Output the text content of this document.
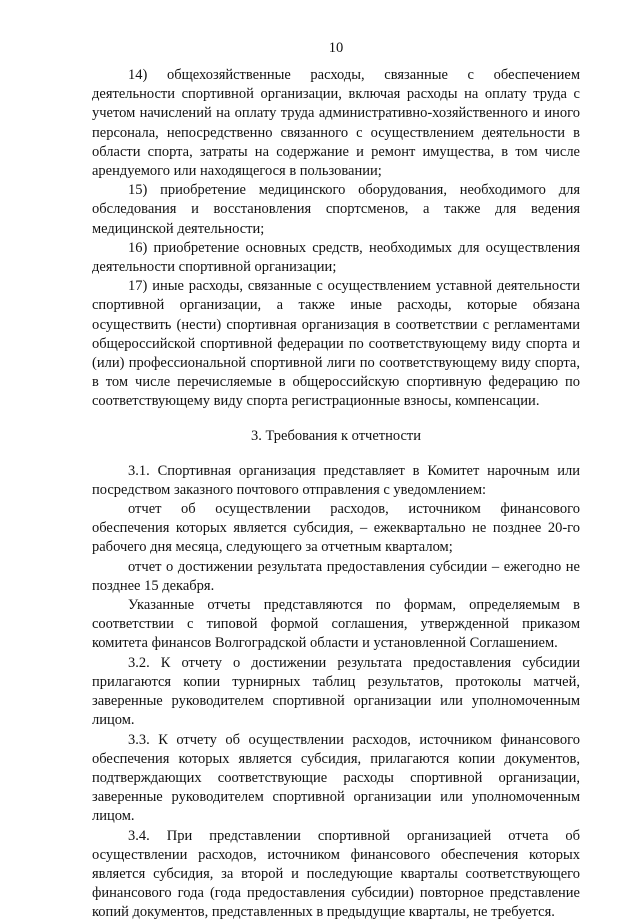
10

14) общехозяйственные расходы, связанные с обеспечением деятельности спортивной организации, включая расходы на оплату труда с учетом начислений на оплату труда административно-хозяйственного и иного персонала, непосредственно связанного с осуществлением деятельности в области спорта, затраты на содержание и ремонт имущества, в том числе арендуемого или находящегося в пользовании;

15) приобретение медицинского оборудования, необходимого для обследования и восстановления спортсменов, а также для ведения медицинской деятельности;

16) приобретение основных средств, необходимых для осуществления деятельности спортивной организации;

17) иные расходы, связанные с осуществлением уставной деятельности спортивной организации, а также иные расходы, которые обязана осуществить (нести) спортивная организация в соответствии с регламентами общероссийской спортивной федерации по соответствующему виду спорта и (или) профессиональной спортивной лиги по соответствующему виду спорта, в том числе перечисляемые в общероссийскую спортивную федерацию по соответствующему виду спорта регистрационные взносы, компенсации.

3. Требования к отчетности

3.1. Спортивная организация представляет в Комитет нарочным или посредством заказного почтового отправления с уведомлением:

отчет об осуществлении расходов, источником финансового обеспечения которых является субсидия, – ежеквартально не позднее 20-го рабочего дня месяца, следующего за отчетным кварталом;

отчет о достижении результата предоставления субсидии – ежегодно не позднее 15 декабря.

Указанные отчеты представляются по формам, определяемым в соответствии с типовой формой соглашения, утвержденной приказом комитета финансов Волгоградской области и установленной Соглашением.

3.2. К отчету о достижении результата предоставления субсидии прилагаются копии турнирных таблиц результатов, протоколы матчей, заверенные руководителем спортивной организации или уполномоченным лицом.

3.3. К отчету об осуществлении расходов, источником финансового обеспечения которых является субсидия, прилагаются копии документов, подтверждающих соответствующие расходы спортивной организации, заверенные руководителем спортивной организации или уполномоченным лицом.

3.4. При представлении спортивной организацией отчета об осуществлении расходов, источником финансового обеспечения которых является субсидия, за второй и последующие кварталы соответствующего финансового года (года предоставления субсидии) повторное представление копий документов, представленных в предыдущие кварталы, не требуется.
